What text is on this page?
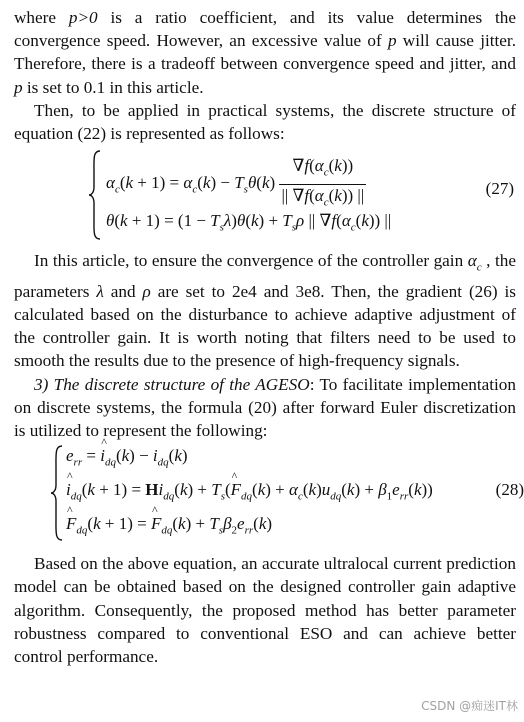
where p>0 is a ratio coefficient, and its value determines the convergence speed. However, an excessive value of p will cause jitter. Therefore, there is a tradeoff between convergence speed and jitter, and p is set to 0.1 in this article.

Then, to be applied in practical systems, the discrete structure of equation (22) is represented as follows:

$\alpha_c(k + 1) = \alpha_c(k) - T_s\theta(k) \frac{\nabla f(\alpha_c(k))}{|| \nabla f(\alpha_c(k)) ||}$	(27)
$\theta(k + 1) = (1 - T_s\lambda)\theta(k) + T_s\rho$ || $\nabla f(\alpha_c(k))$ ||

In this article, to ensure the convergence of the controller gain $\alpha_c$ , the parameters λ and ρ are set to 2e4 and 3e8. Then, the gradient (26) is calculated based on the disturbance to achieve adaptive adjustment of the controller gain. It is worth noting that filters need to be used to smooth the results due to the presence of high-frequency signals.

3) The discrete structure of the AGESO: To facilitate implementation on discrete systems, the formula (20) after forward Euler discretization is utilized to represent the following:

$e_{rr}$ = ^ $i_{dq}(k) - i_{dq}(k)$
^ $i_{dq}(k + 1) = Hi_{dq}(k)$ + $T_s(\^{}$ $F_{dq}(k) + \alpha_c(k)u_{dq}(k) + \beta_1e_{rr}(k)$)	(28)
^ $F_{dq}(k + 1)$ = ^ $F_{dq}(k) + T_s\beta_2e_{rr}(k)$

Based on the above equation, an accurate ultralocal current prediction model can be obtained based on the designed controller gain adaptive algorithm. Consequently, the proposed method has better parameter robustness compared to conventional ESO and can achieve better control performance.

CSDN @痴迷IT林
